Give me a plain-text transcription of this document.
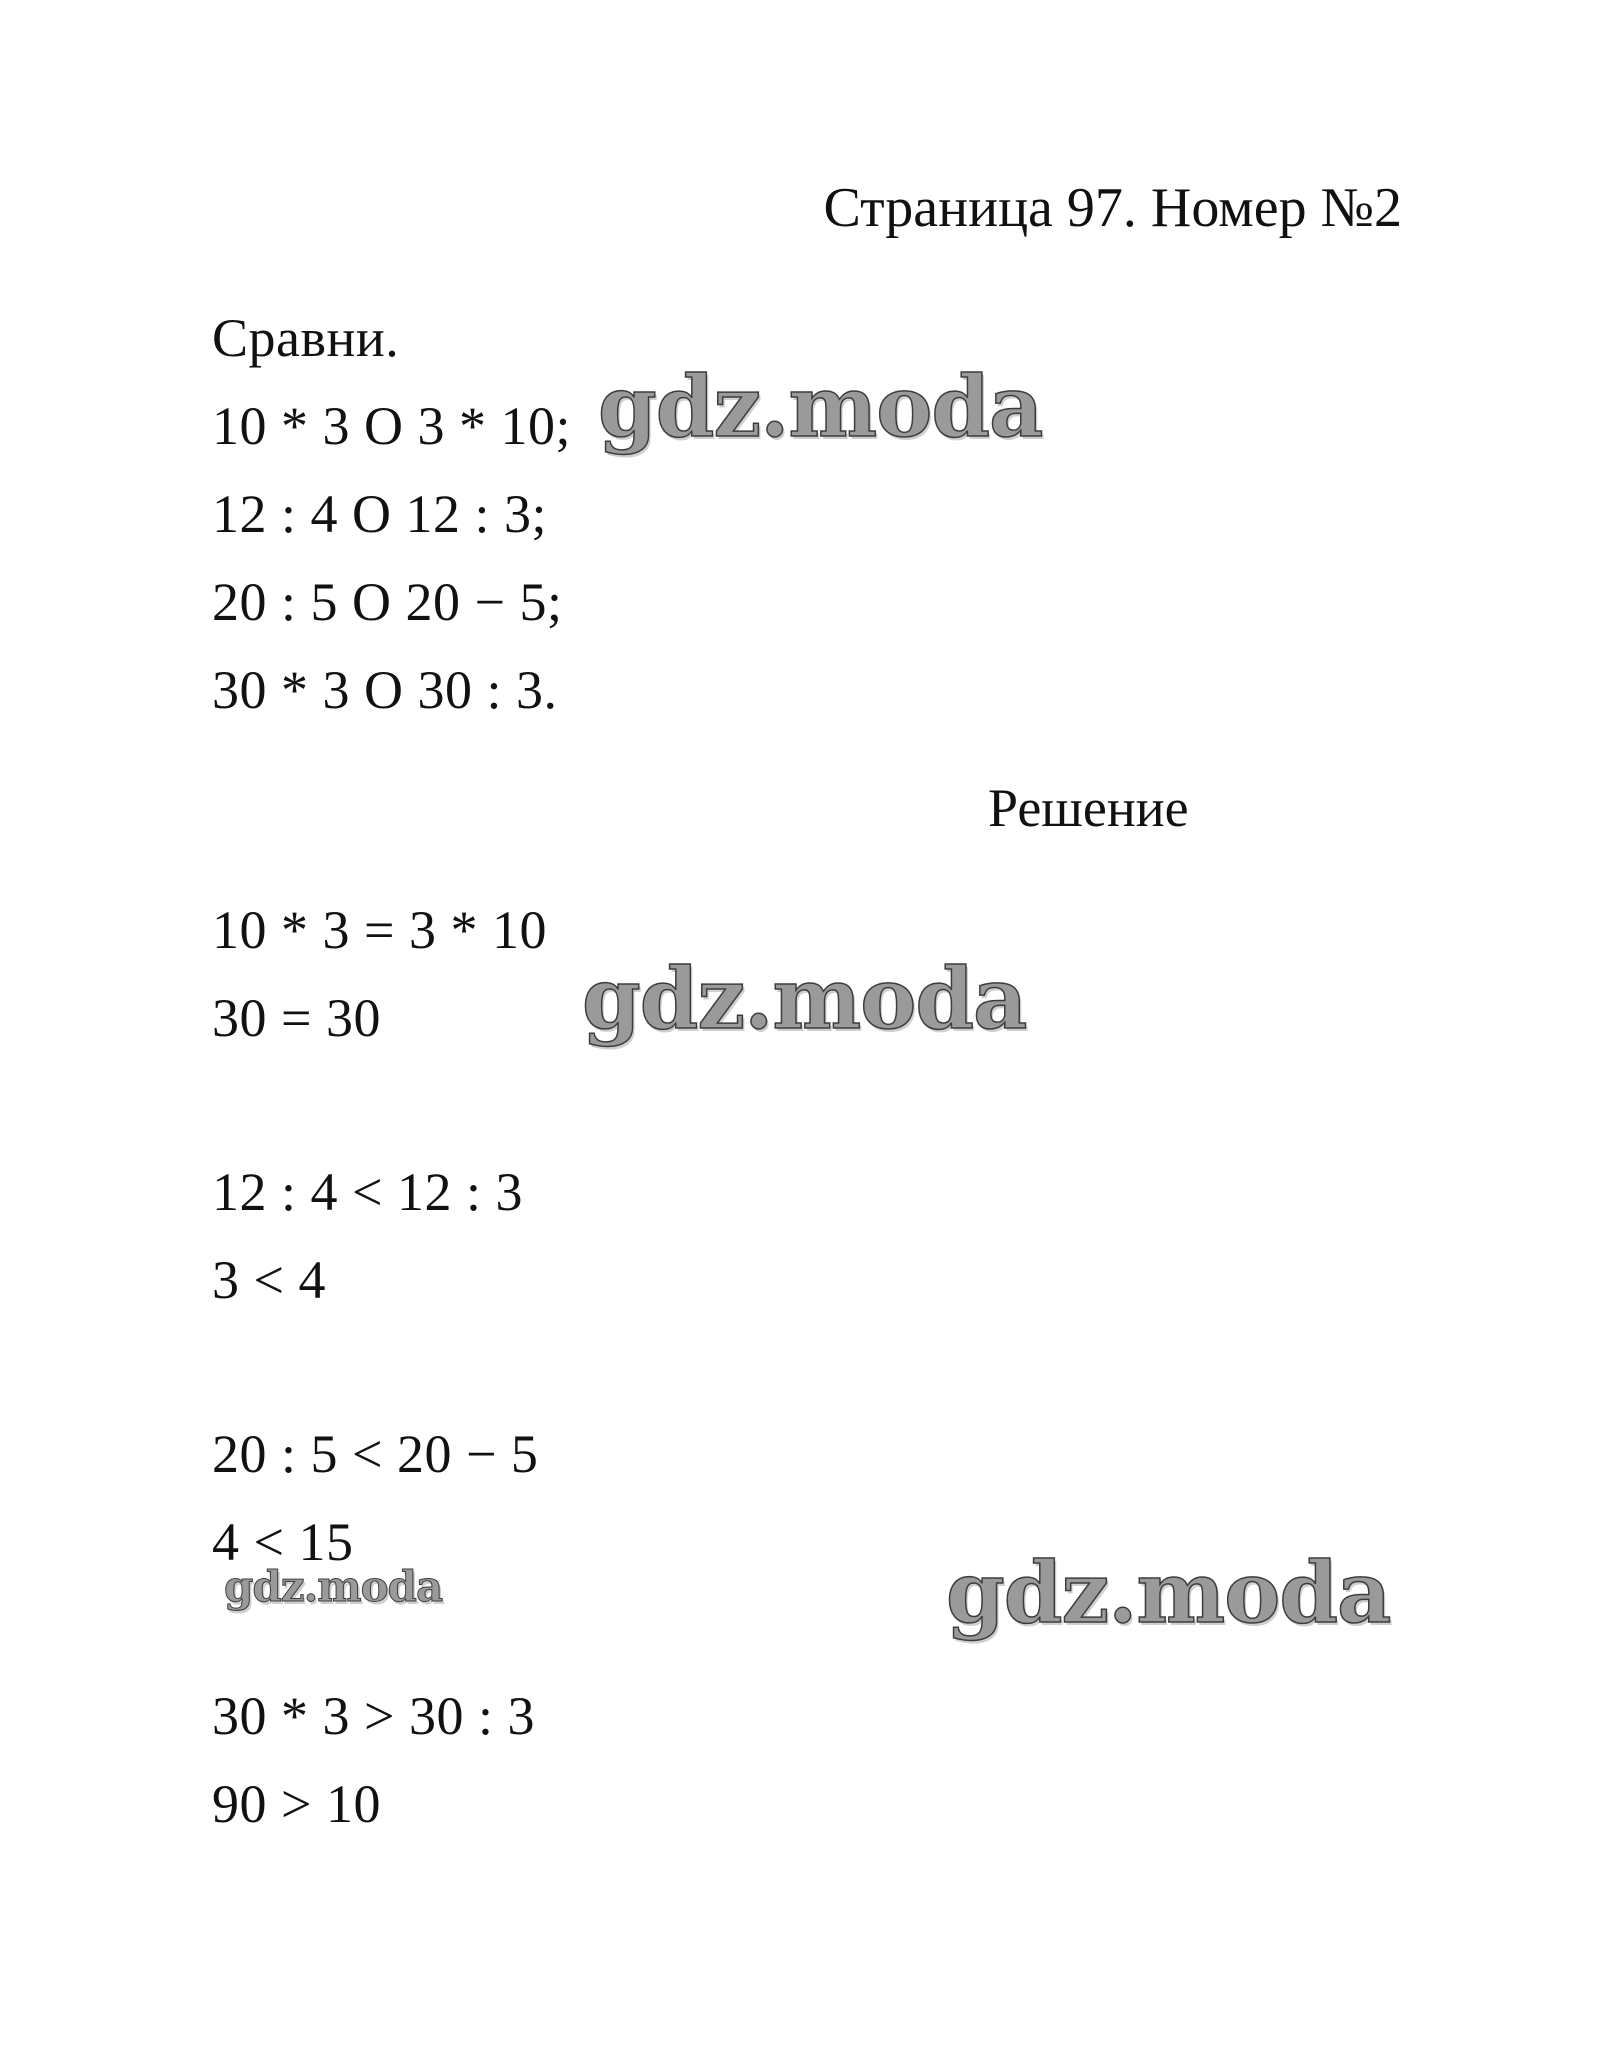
Страница 97. Номер №2
Сравни.
10 * 3 O 3 * 10;
12 : 4 O 12 : 3;
20 : 5 O 20 − 5;
30 * 3 O 30 : 3.
Решение
10 * 3 = 3 * 10
30 = 30
12 : 4 < 12 : 3
3 < 4
20 : 5 < 20 − 5
4 < 15
30 * 3 > 30 : 3
90 > 10
gdz.moda
gdz.moda
gdz.moda	gdz.moda
